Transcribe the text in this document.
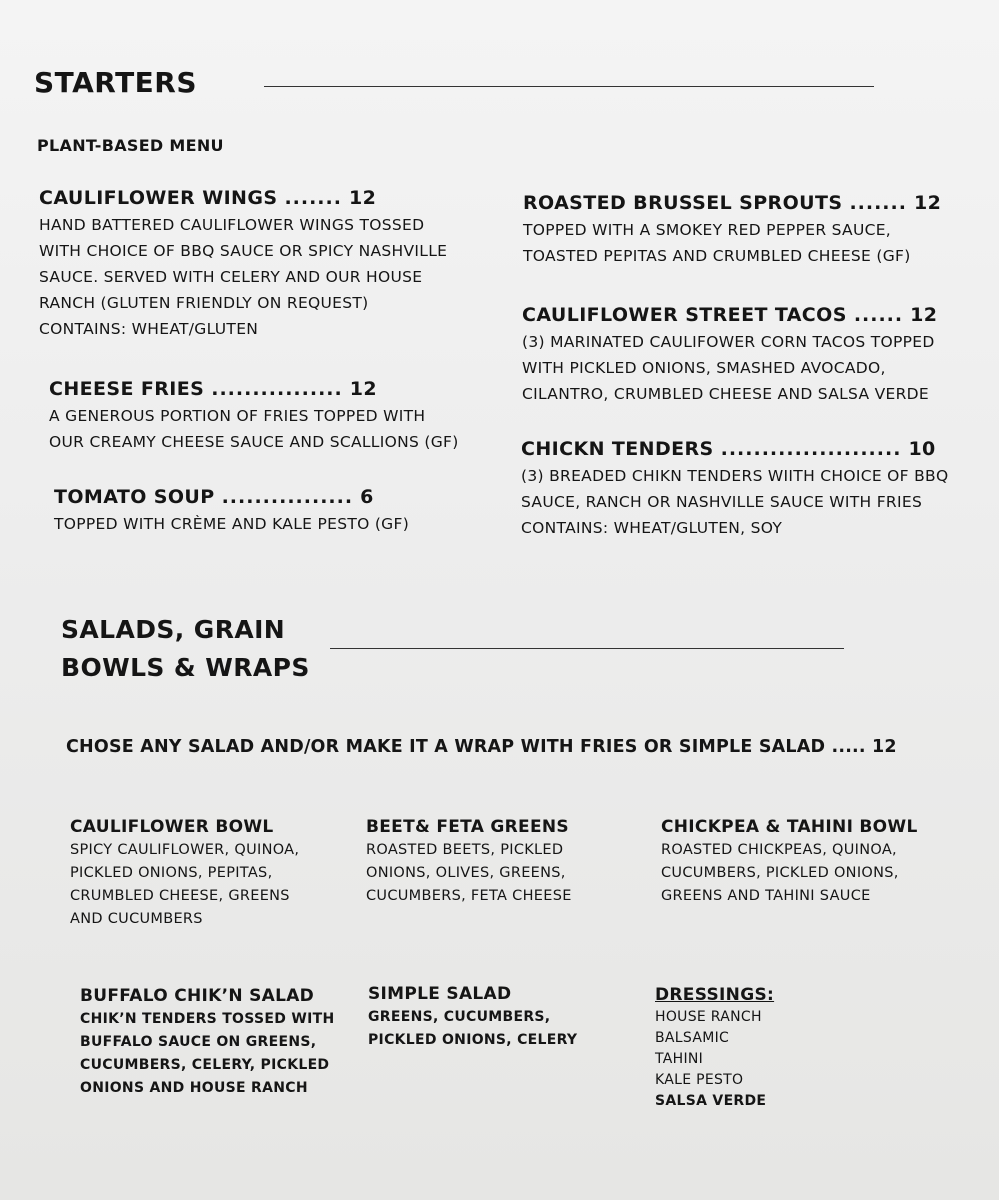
STARTERS
PLANT-BASED MENU
CAULIFLOWER WINGS ....... 12
HAND BATTERED CAULIFLOWER WINGS TOSSED
WITH CHOICE OF BBQ SAUCE OR SPICY NASHVILLE
SAUCE. SERVED WITH CELERY AND OUR HOUSE
RANCH (GLUTEN FRIENDLY ON REQUEST)
CONTAINS: WHEAT/GLUTEN
CHEESE FRIES ................ 12
A GENEROUS PORTION OF FRIES TOPPED WITH
OUR CREAMY CHEESE SAUCE AND SCALLIONS (GF)
TOMATO SOUP ................ 6
TOPPED WITH CRÈME AND KALE PESTO (GF)
ROASTED BRUSSEL SPROUTS ....... 12
TOPPED WITH A SMOKEY RED PEPPER SAUCE,
TOASTED PEPITAS AND CRUMBLED CHEESE (GF)
CAULIFLOWER STREET TACOS ...... 12
(3) MARINATED CAULIFOWER CORN TACOS TOPPED
WITH PICKLED ONIONS, SMASHED AVOCADO,
CILANTRO, CRUMBLED CHEESE AND SALSA VERDE
CHICKN TENDERS ...................... 10
(3) BREADED CHIKN TENDERS WIITH CHOICE OF BBQ
SAUCE, RANCH OR NASHVILLE SAUCE WITH FRIES
CONTAINS: WHEAT/GLUTEN, SOY
SALADS, GRAIN
BOWLS & WRAPS
CHOSE ANY SALAD AND/OR MAKE IT A WRAP WITH FRIES OR SIMPLE SALAD ..... 12
CAULIFLOWER BOWL
SPICY CAULIFLOWER, QUINOA,
PICKLED ONIONS, PEPITAS,
CRUMBLED CHEESE, GREENS
AND CUCUMBERS
BEET& FETA GREENS
ROASTED BEETS, PICKLED
ONIONS, OLIVES, GREENS,
CUCUMBERS, FETA CHEESE
CHICKPEA & TAHINI BOWL
ROASTED CHICKPEAS, QUINOA,
CUCUMBERS, PICKLED ONIONS,
GREENS AND TAHINI SAUCE
BUFFALO CHIK’N SALAD
CHIK’N TENDERS TOSSED WITH
BUFFALO SAUCE ON GREENS,
CUCUMBERS, CELERY, PICKLED
ONIONS AND HOUSE RANCH
SIMPLE SALAD
GREENS, CUCUMBERS,
PICKLED ONIONS, CELERY
DRESSINGS:
HOUSE RANCH
BALSAMIC
TAHINI
KALE PESTO
SALSA VERDE
